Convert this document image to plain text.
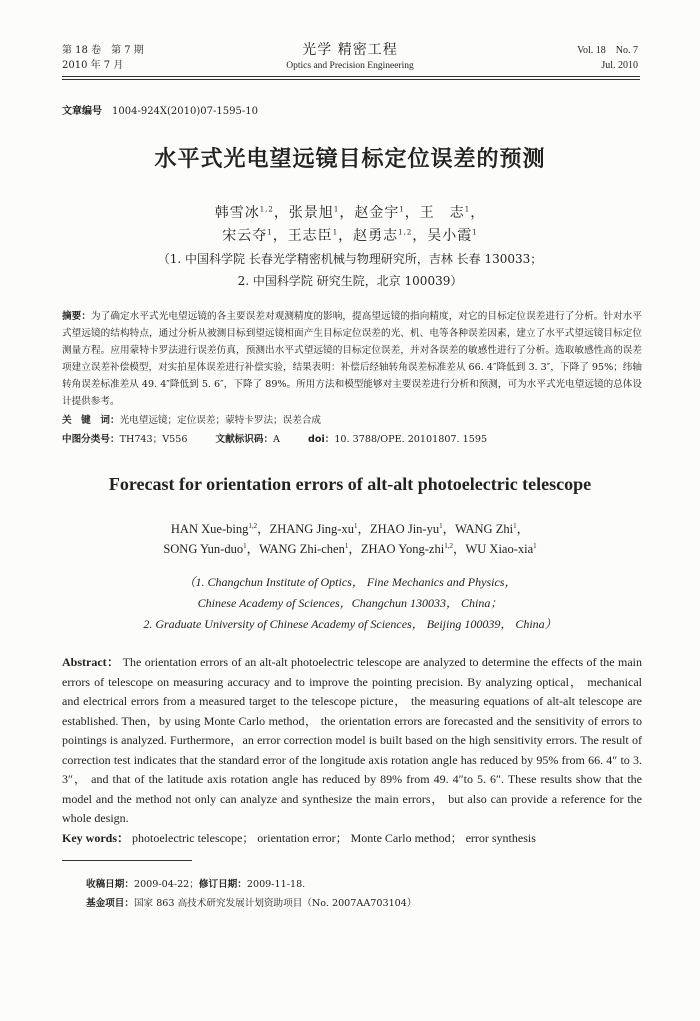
第 18 卷　第 7 期
2010 年 7 月
光学 精密工程
Optics and Precision Engineering
Vol. 18　No. 7
Jul. 2010
文章编号 1004-924X(2010)07-1595-10
水平式光电望远镜目标定位误差的预测
韩雪冰$^{1,2}$，张景旭$^1$，赵金宇$^1$，王　志$^1$，
宋云夺$^1$，王志臣$^1$，赵勇志$^{1,2}$，吴小霞$^1$
（1. 中国科学院 长春光学精密机械与物理研究所，吉林 长春 130033；
2. 中国科学院 研究生院，北京 100039）
摘要：为了确定水平式光电望远镜的各主要误差对观测精度的影响，提高望远镜的指向精度，对它的目标定位误差进行了分析。针对水平式望远镜的结构特点，通过分析从被测目标到望远镜相面产生目标定位误差的光、机、电等各种误差因素，建立了水平式望远镜目标定位测量方程。应用蒙特卡罗法进行误差仿真，预测出水平式望远镜的目标定位误差，并对各误差的敏感性进行了分析。选取敏感性高的误差项建立误差补偿模型，对实拍星体误差进行补偿实验，结果表明：补偿后经轴转角误差标准差从 66. 4″降低到 3. 3″，下降了 95%；纬轴转角误差标准差从 49. 4″降低到 5. 6″，下降了 89%。所用方法和模型能够对主要误差进行分析和预测，可为水平式光电望远镜的总体设计提供参考。
关　键　词：光电望远镜；定位误差；蒙特卡罗法；误差合成
中图分类号：TH743；V556	文献标识码：A	doi：10. 3788/OPE. 20101807. 1595
Forecast for orientation errors of alt-alt photoelectric telescope
HAN Xue-bing$^{1,2}$，ZHANG Jing-$xu^1$，ZHAO Jin-$yu^1$，WANG Zhi$^1$，
SONG Yun-duo$^1$，WANG Zhi-chen$^1$，ZHAO Yong-zhi$^{1,2}$，WU Xiao-xia$^1$
（1. Changchun Institute of Optics， Fine Mechanics and Physics，
Chinese Academy of Sciences，Changchun 130033， China；
2. Graduate University of Chinese Academy of Sciences， Beijing 100039， China）
Abstract： The orientation errors of an alt-alt photoelectric telescope are analyzed to determine the effects of the main errors of telescope on measuring accuracy and to improve the pointing precision. By analyzing optical， mechanical and electrical errors from a measured target to the telescope picture， the measuring equations of alt-alt telescope are established. Then，by using Monte Carlo method， the orientation errors are forecasted and the sensitivity of errors to pointings is analyzed. Furthermore，an error correction model is built based on the high sensitivity errors. The result of correction test indicates that the standard error of the longitude axis rotation angle has reduced by 95% from 66. 4″ to 3. 3″， and that of the latitude axis rotation angle has reduced by 89% from 49. 4″to 5. 6″. These results show that the model and the method not only can analyze and synthesize the main errors， but also can provide a reference for the whole design.
Key words： photoelectric telescope； orientation error； Monte Carlo method； error synthesis
收稿日期：2009-04-22；修订日期：2009-11-18.
基金项目：国家 863 高技术研究发展计划资助项目（No. 2007AA703104）
